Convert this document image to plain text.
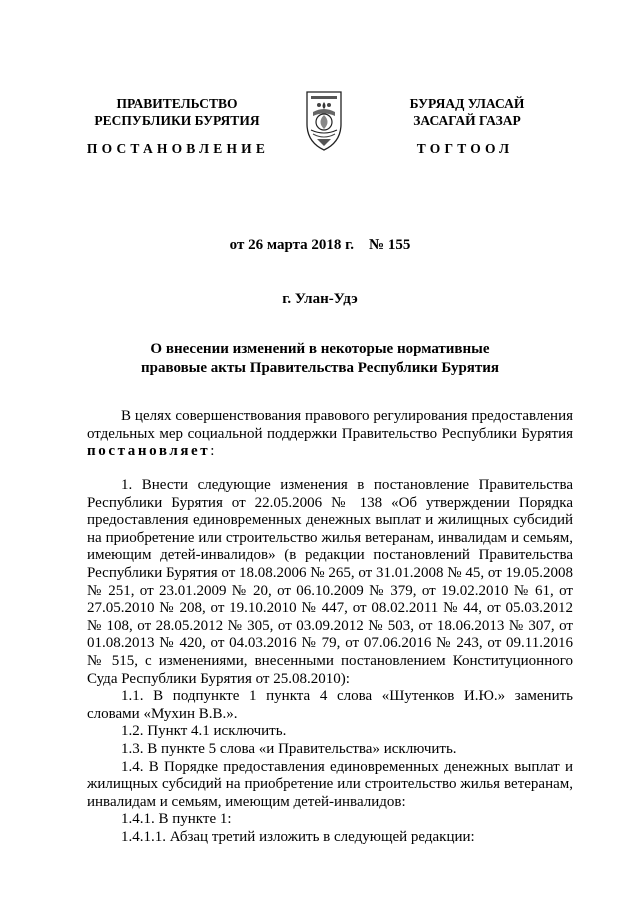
ПРАВИТЕЛЬСТВО
РЕСПУБЛИКИ БУРЯТИЯ
БУРЯАД УЛАСАЙ
ЗАСАГАЙ ГАЗАР
ПОСТАНОВЛЕНИЕ	ТОГТООЛ
от 26 марта 2018 г.    № 155
г. Улан-Удэ
О внесении изменений в некоторые нормативные
правовые акты Правительства Республики Бурятия

В целях совершенствования правового регулирования предоставления отдельных мер социальной поддержки Правительство Республики Бурятия постановляет:

1. Внести следующие изменения в постановление Правительства Республики Бурятия от 22.05.2006 № 138 «Об утверждении Порядка предоставления единовременных денежных выплат и жилищных субсидий на приобретение или строительство жилья ветеранам, инвалидам и семьям, имеющим детей-инвалидов» (в редакции постановлений Правительства Республики Бурятия от 18.08.2006 № 265, от 31.01.2008 № 45, от 19.05.2008 № 251, от 23.01.2009 № 20, от 06.10.2009 № 379, от 19.02.2010 № 61, от 27.05.2010 № 208, от 19.10.2010 № 447, от 08.02.2011 № 44, от 05.03.2012 № 108, от 28.05.2012 № 305, от 03.09.2012 № 503, от 18.06.2013 № 307, от 01.08.2013 № 420, от 04.03.2016 № 79, от 07.06.2016 № 243, от 09.11.2016 № 515, с изменениями, внесенными постановлением Конституционного Суда Республики Бурятия от 25.08.2010):

1.1. В подпункте 1 пункта 4 слова «Шутенков И.Ю.» заменить словами «Мухин В.В.».

1.2. Пункт 4.1 исключить.

1.3. В пункте 5 слова «и Правительства» исключить.

1.4. В Порядке предоставления единовременных денежных выплат и жилищных субсидий на приобретение или строительство жилья ветеранам, инвалидам и семьям, имеющим детей-инвалидов:

1.4.1. В пункте 1:

1.4.1.1. Абзац третий изложить в следующей редакции:
